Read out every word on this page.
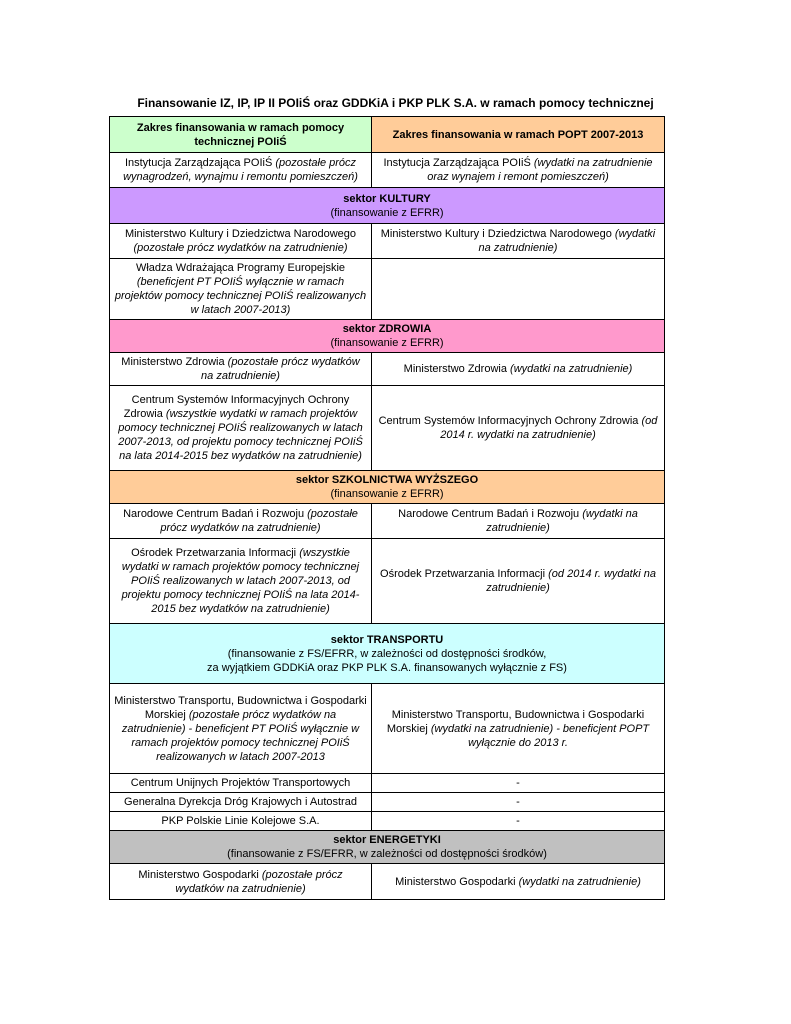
Finansowanie IZ, IP, IP II POIiŚ oraz GDDKiA i PKP PLK S.A. w ramach pomocy technicznej
Zakres finansowania w ramach pomocy technicznej POIiŚ	Zakres finansowania w ramach POPT 2007-2013
Instytucja Zarządzająca POIiŚ (pozostałe prócz wynagrodzeń, wynajmu i remontu pomieszczeń)	Instytucja Zarządzająca POIiŚ (wydatki na zatrudnienie oraz wynajem i remont pomieszczeń)

sektor KULTURY
(finansowanie z EFRR)	

Ministerstwo Kultury i Dziedzictwa Narodowego (pozostałe prócz wydatków na zatrudnienie)	Ministerstwo Kultury i Dziedzictwa Narodowego (wydatki na zatrudnienie)
Władza Wdrażająca Programy Europejskie (beneficjent PT POIiŚ wyłącznie w ramach projektów pomocy technicznej POIiŚ realizowanych w latach 2007-2013)	

sektor ZDROWIA
(finansowanie z EFRR)	

Ministerstwo Zdrowia (pozostałe prócz wydatków na zatrudnienie)	Ministerstwo Zdrowia (wydatki na zatrudnienie)
Centrum Systemów Informacyjnych Ochrony Zdrowia (wszystkie wydatki w ramach projektów pomocy technicznej POIiŚ realizowanych w latach 2007-2013, od projektu pomocy technicznej POIiŚ na lata 2014-2015 bez wydatków na zatrudnienie)	Centrum Systemów Informacyjnych Ochrony Zdrowia (od 2014 r. wydatki na zatrudnienie)

sektor SZKOLNICTWA WYŻSZEGO
(finansowanie z EFRR)	

Narodowe Centrum Badań i Rozwoju (pozostałe prócz wydatków na zatrudnienie)	Narodowe Centrum Badań i Rozwoju (wydatki na zatrudnienie)
Ośrodek Przetwarzania Informacji (wszystkie wydatki w ramach projektów pomocy technicznej POIiŚ realizowanych w latach 2007-2013, od projektu pomocy technicznej POIiŚ na lata 2014-2015 bez wydatków na zatrudnienie)	Ośrodek Przetwarzania Informacji (od 2014 r. wydatki na zatrudnienie)

sektor TRANSPORTU
(finansowanie z FS/EFRR, w zależności od dostępności środków,
za wyjątkiem GDDKiA oraz PKP PLK S.A. finansowanych wyłącznie z FS)	

Ministerstwo Transportu, Budownictwa i Gospodarki Morskiej (pozostałe prócz wydatków na zatrudnienie) - beneficjent PT POIiŚ wyłącznie w ramach projektów pomocy technicznej POIiŚ realizowanych w latach 2007-2013	Ministerstwo Transportu, Budownictwa i Gospodarki Morskiej (wydatki na zatrudnienie) - beneficjent POPT wyłącznie do 2013 r.
Centrum Unijnych Projektów Transportowych	-
Generalna Dyrekcja Dróg Krajowych i Autostrad	-
PKP Polskie Linie Kolejowe S.A.	-

sektor ENERGETYKI
(finansowanie z FS/EFRR, w zależności od dostępności środków)	

Ministerstwo Gospodarki (pozostałe prócz wydatków na zatrudnienie)	Ministerstwo Gospodarki (wydatki na zatrudnienie)
